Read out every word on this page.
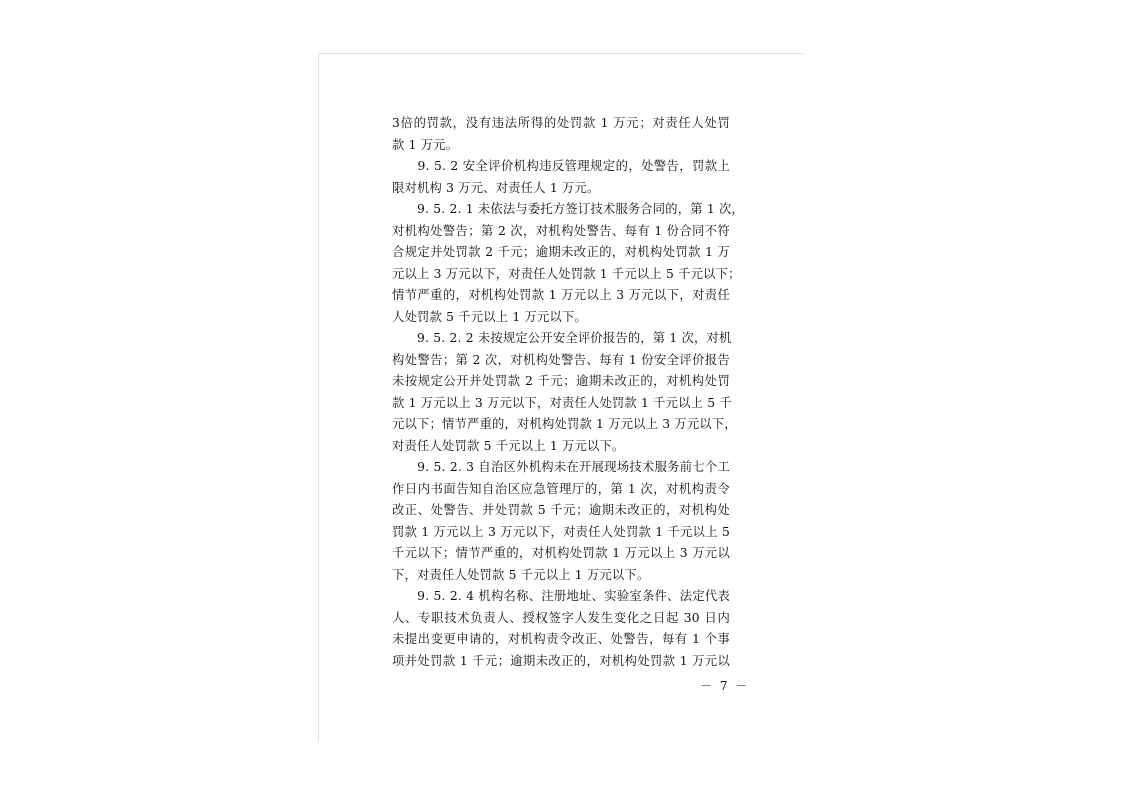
3倍的罚款，没有违法所得的处罚款 1 万元；对责任人处罚
款 1 万元。
　　9. 5. 2 安全评价机构违反管理规定的，处警告，罚款上
限对机构 3 万元、对责任人 1 万元。
　　9. 5. 2. 1 未依法与委托方签订技术服务合同的，第 1 次，
对机构处警告；第 2 次，对机构处警告、每有 1 份合同不符
合规定并处罚款 2 千元；逾期未改正的，对机构处罚款 1 万
元以上 3 万元以下，对责任人处罚款 1 千元以上 5 千元以下；
情节严重的，对机构处罚款 1 万元以上 3 万元以下，对责任
人处罚款 5 千元以上 1 万元以下。
　　9. 5. 2. 2 未按规定公开安全评价报告的，第 1 次，对机
构处警告；第 2 次，对机构处警告、每有 1 份安全评价报告
未按规定公开并处罚款 2 千元；逾期未改正的，对机构处罚
款 1 万元以上 3 万元以下，对责任人处罚款 1 千元以上 5 千
元以下；情节严重的，对机构处罚款 1 万元以上 3 万元以下，
对责任人处罚款 5 千元以上 1 万元以下。
　　9. 5. 2. 3 自治区外机构未在开展现场技术服务前七个工
作日内书面告知自治区应急管理厅的，第 1 次，对机构责令
改正、处警告、并处罚款 5 千元；逾期未改正的，对机构处
罚款 1 万元以上 3 万元以下，对责任人处罚款 1 千元以上 5
千元以下；情节严重的，对机构处罚款 1 万元以上 3 万元以
下，对责任人处罚款 5 千元以上 1 万元以下。
　　9. 5. 2. 4 机构名称、注册地址、实验室条件、法定代表
人、专职技术负责人、授权签字人发生变化之日起 30 日内
未提出变更申请的，对机构责令改正、处警告，每有 1 个事
项并处罚款 1 千元；逾期未改正的，对机构处罚款 1 万元以
－ 7 －
